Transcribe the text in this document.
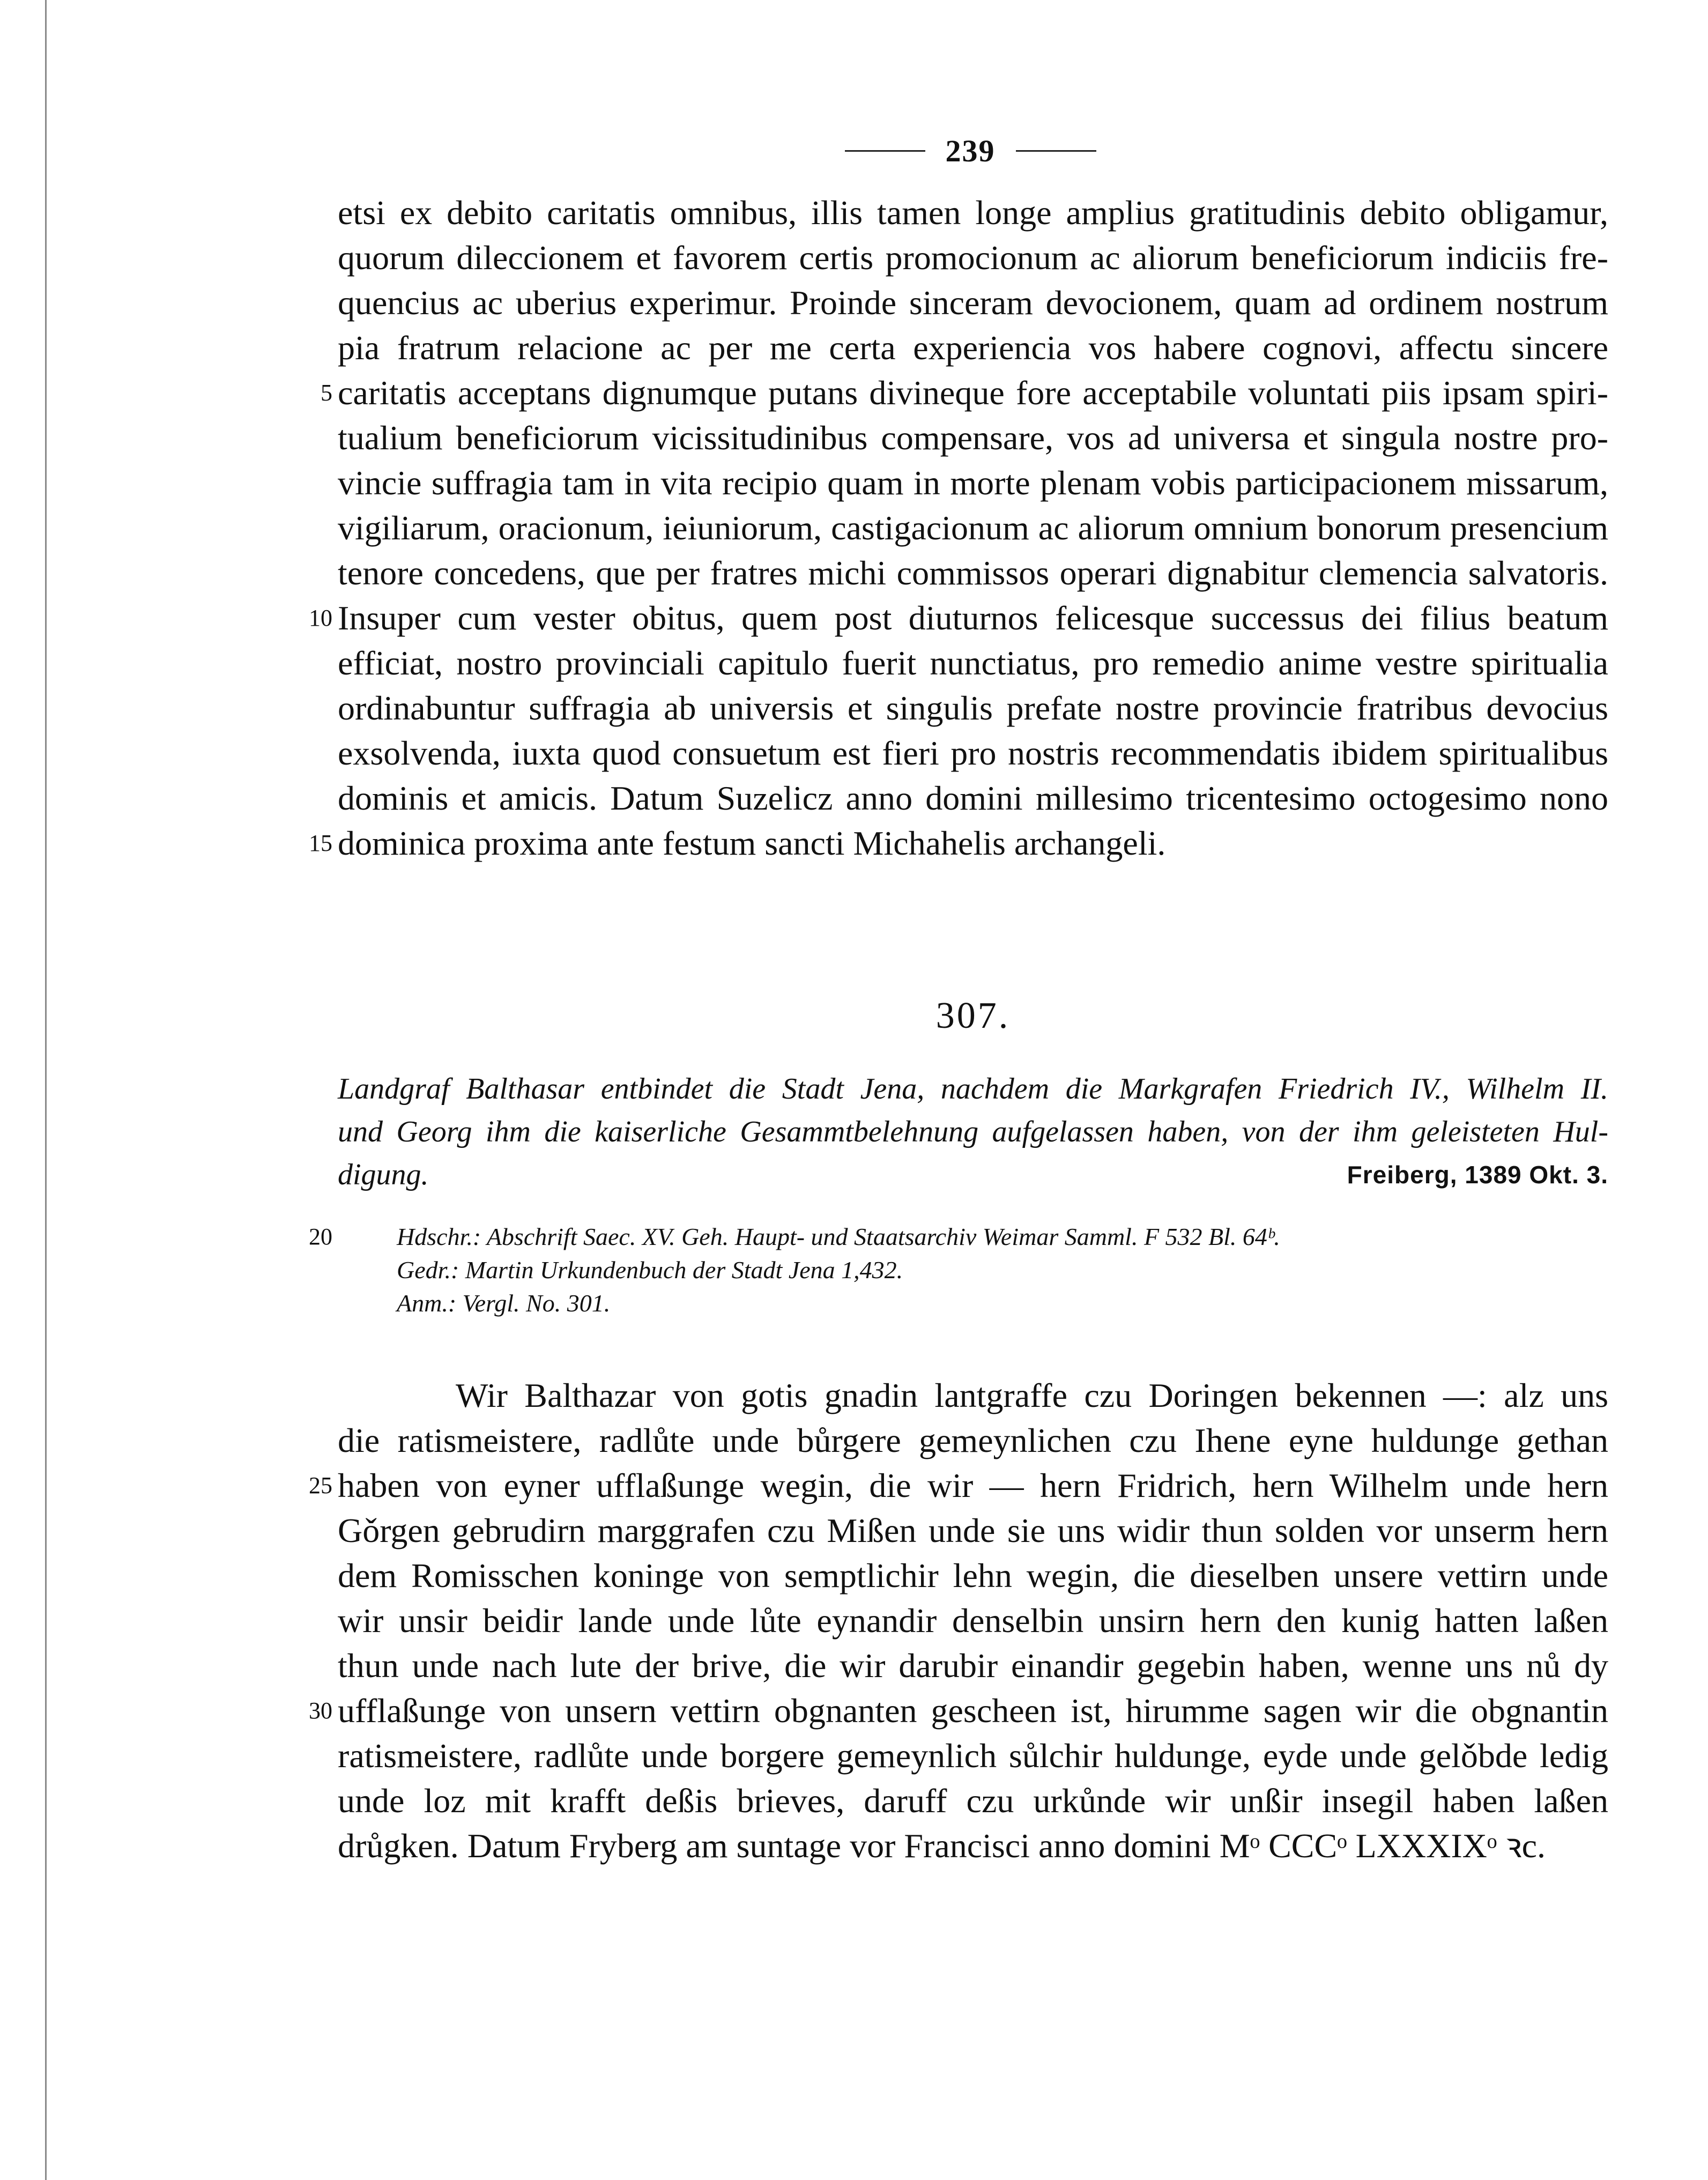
239
etsi ex debito caritatis omnibus, illis tamen longe amplius gratitudinis debito obligamur,
quorum dileccionem et favorem certis promocionum ac aliorum beneficiorum indiciis fre-
quencius ac uberius experimur. Proinde sinceram devocionem, quam ad ordinem nostrum
pia fratrum relacione ac per me certa experiencia vos habere cognovi, affectu sincere
caritatis acceptans dignumque putans divineque fore acceptabile voluntati piis ipsam spiri-
tualium beneficiorum vicissitudinibus compensare, vos ad universa et singula nostre pro-
vincie suffragia tam in vita recipio quam in morte plenam vobis participacionem missarum,
vigiliarum, oracionum, ieiuniorum, castigacionum ac aliorum omnium bonorum presencium
tenore concedens, que per fratres michi commissos operari dignabitur clemencia salvatoris.
Insuper cum vester obitus, quem post diuturnos felicesque successus dei filius beatum
efficiat, nostro provinciali capitulo fuerit nunctiatus, pro remedio anime vestre spiritualia
ordinabuntur suffragia ab universis et singulis prefate nostre provincie fratribus devocius
exsolvenda, iuxta quod consuetum est fieri pro nostris recommendatis ibidem spiritualibus
dominis et amicis. Datum Suzelicz anno domini millesimo tricentesimo octogesimo nono
dominica proxima ante festum sancti Michahelis archangeli.
5
10
15
307.
Landgraf Balthasar entbindet die Stadt Jena, nachdem die Markgrafen Friedrich IV., Wilhelm II.
und Georg ihm die kaiserliche Gesammtbelehnung aufgelassen haben, von der ihm geleisteten Hul-
digung.	Freiberg, 1389 Okt. 3.
20	Hdschr.: Abschrift Saec. XV. Geh. Haupt- und Staatsarchiv Weimar Samml. F 532 Bl. 64ᵇ.
Gedr.: Martin Urkundenbuch der Stadt Jena 1,432.
Anm.: Vergl. No. 301.
Wir Balthazar von gotis gnadin lantgraffe czu Doringen bekennen —: alz uns
die ratismeistere, radlůte unde bůrgere gemeynlichen czu Ihene eyne huldunge gethan
haben von eyner ufflaßunge wegin, die wir — hern Fridrich, hern Wilhelm unde hern
Gǒrgen gebrudirn marggrafen czu Mißen unde sie uns widir thun solden vor unserm hern
dem Romisschen koninge von semptlichir lehn wegin, die dieselben unsere vettirn unde
wir unsir beidir lande unde lůte eynandir denselbin unsirn hern den kunig hatten laßen
thun unde nach lute der brive, die wir darubir einandir gegebin haben, wenne uns nů dy
ufflaßunge von unsern vettirn obgnanten gescheen ist, hirumme sagen wir die obgnantin
ratismeistere, radlůte unde borgere gemeynlich sůlchir huldunge, eyde unde gelǒbde ledig
unde loz mit krafft deßis brieves, daruff czu urkůnde wir unßir insegil haben laßen
drůgken. Datum Fryberg am suntage vor Francisci anno domini Mᵒ CCCᵒ LXXXIXᵒ ꝛc.
25
30
